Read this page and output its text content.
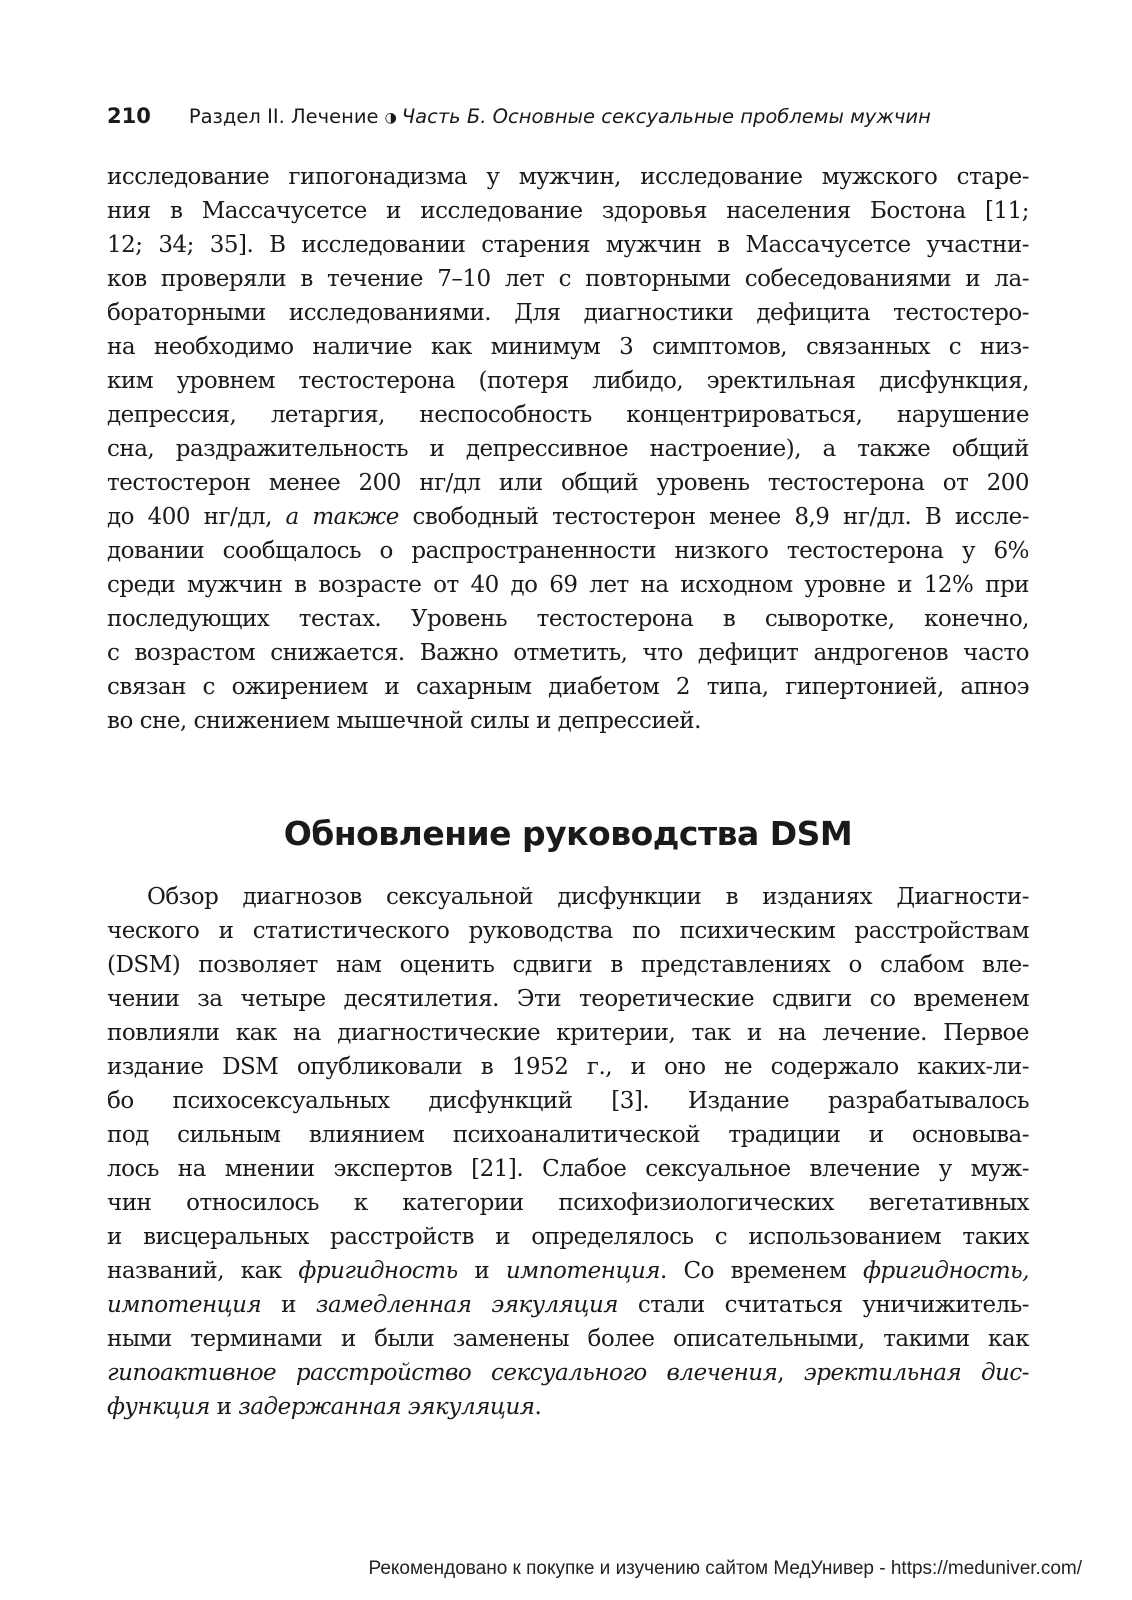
210 Раздел II. Лечение ◑ Часть Б. Основные сексуальные проблемы мужчин
исследование гипогонадизма у мужчин, исследование мужского старе-
ния в Массачусетсе и исследование здоровья населения Бостона [11;
12; 34; 35]. В исследовании старения мужчин в Массачусетсе участни-
ков проверяли в течение 7–10 лет с повторными собеседованиями и ла-
бораторными исследованиями. Для диагностики дефицита тестостеро-
на необходимо наличие как минимум 3 симптомов, связанных с низ-
ким уровнем тестостерона (потеря либидо, эректильная дисфункция,
депрессия, летаргия, неспособность концентрироваться, нарушение
сна, раздражительность и депрессивное настроение), а также общий
тестостерон менее 200 нг/дл или общий уровень тестостерона от 200
до 400 нг/дл, а также свободный тестостерон менее 8,9 нг/дл. В иссле-
довании сообщалось о распространенности низкого тестостерона у 6%
среди мужчин в возрасте от 40 до 69 лет на исходном уровне и 12% при
последующих тестах. Уровень тестостерона в сыворотке, конечно,
с возрастом снижается. Важно отметить, что дефицит андрогенов часто
связан с ожирением и сахарным диабетом 2 типа, гипертонией, апноэ
во сне, снижением мышечной силы и депрессией.
Обновление руководства DSM
Обзор диагнозов сексуальной дисфункции в изданиях Диагности-
ческого и статистического руководства по психическим расстройствам
(DSM) позволяет нам оценить сдвиги в представлениях о слабом вле-
чении за четыре десятилетия. Эти теоретические сдвиги со временем
повлияли как на диагностические критерии, так и на лечение. Первое
издание DSM опубликовали в 1952 г., и оно не содержало каких-ли-
бо психосексуальных дисфункций [3]. Издание разрабатывалось
под сильным влиянием психоаналитической традиции и основыва-
лось на мнении экспертов [21]. Слабое сексуальное влечение у муж-
чин относилось к категории психофизиологических вегетативных
и висцеральных расстройств и определялось с использованием таких
названий, как фригидность и импотенция. Со временем фригидность,
импотенция и замедленная эякуляция стали считаться уничижитель-
ными терминами и были заменены более описательными, такими как
гипоактивное расстройство сексуального влечения, эректильная дис-
функция и задержанная эякуляция.
Рекомендовано к покупке и изучению сайтом МедУнивер - https://meduniver.com/
